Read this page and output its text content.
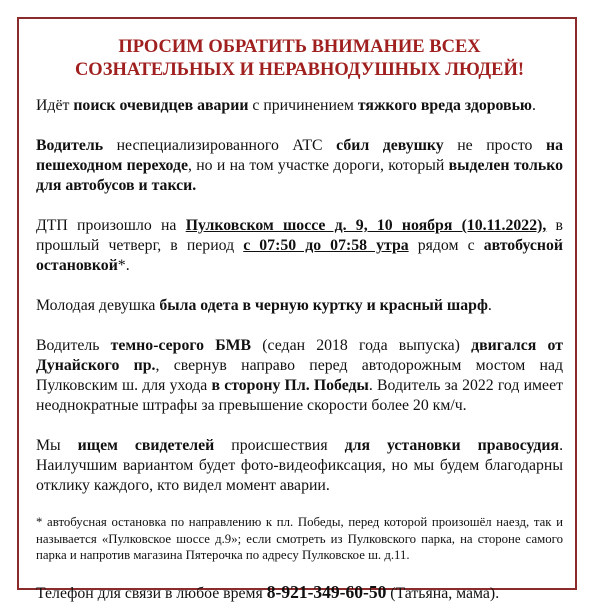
ПРОСИМ ОБРАТИТЬ ВНИМАНИЕ ВСЕХ
СОЗНАТЕЛЬНЫХ И НЕРАВНОДУШНЫХ ЛЮДЕЙ!

Идёт поиск очевидцев аварии с причинением тяжкого вреда здоровью.

Водитель неспециализированного АТС сбил девушку не просто на пешеходном переходе, но и на том участке дороги, который выделен только для автобусов и такси.

ДТП произошло на Пулковском шоссе д. 9, 10 ноября (10.11.2022), в прошлый четверг, в период с 07:50 до 07:58 утра рядом с автобусной остановкой*.

Молодая девушка была одета в черную куртку и красный шарф.

Водитель темно-серого БМВ (седан 2018 года выпуска) двигался от Дунайского пр., свернув направо перед автодорожным мостом над Пулковским ш. для ухода в сторону Пл. Победы. Водитель за 2022 год имеет неоднократные штрафы за превышение скорости более 20 км/ч.

Мы ищем свидетелей происшествия для установки правосудия. Наилучшим вариантом будет фото-видеофиксация, но мы будем благодарны отклику каждого, кто видел момент аварии.

* автобусная остановка по направлению к пл. Победы, перед которой произошёл наезд, так и называется «Пулковское шоссе д.9»; если смотреть из Пулковского парка, на стороне самого парка и напротив магазина Пятерочка по адресу Пулковское ш. д.11.

Телефон для связи в любое время 8-921-349-60-50 (Татьяна, мама).
